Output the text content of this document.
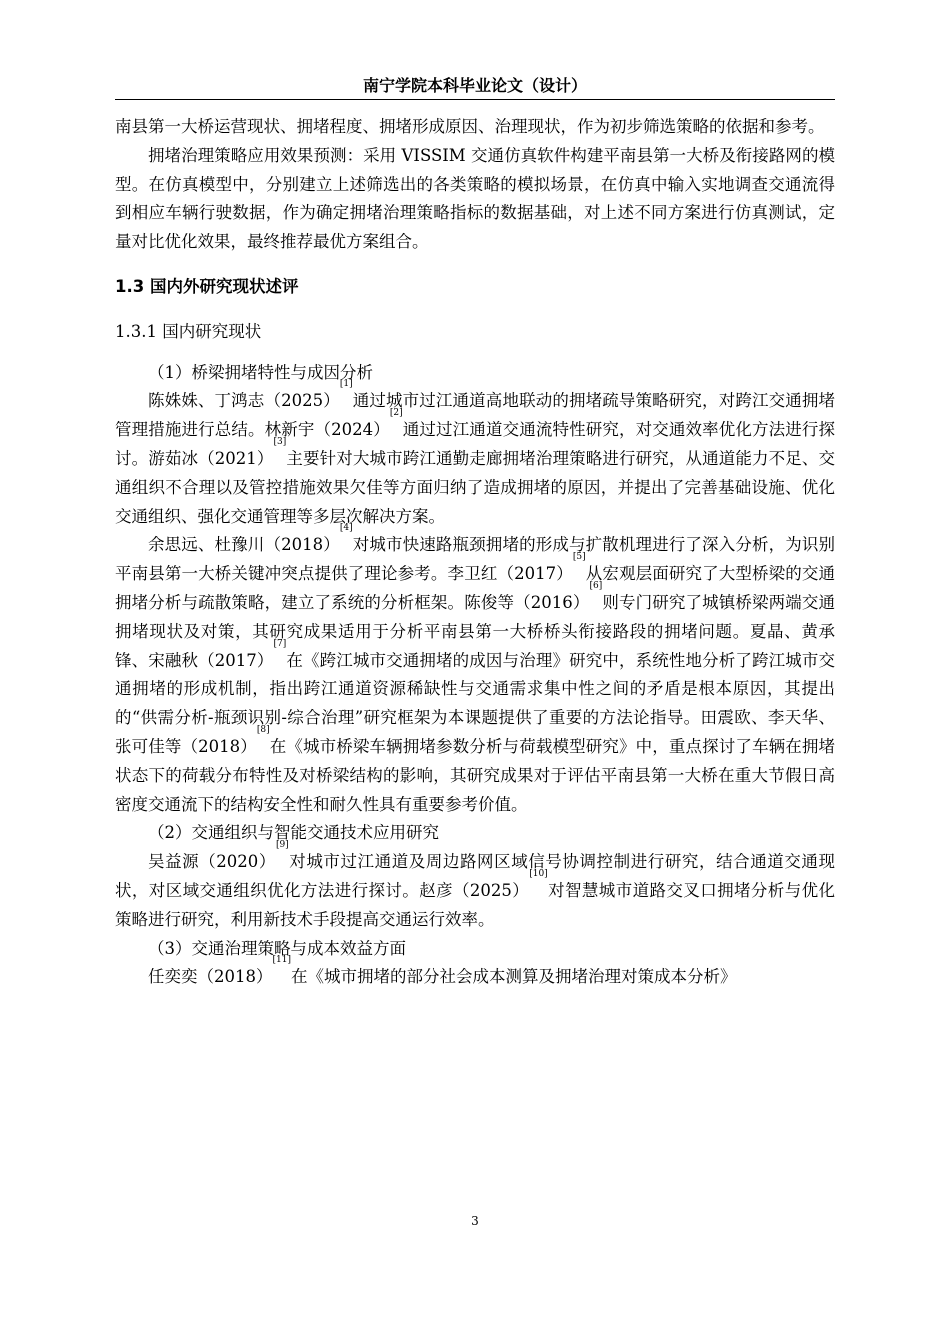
南宁学院本科毕业论文（设计）

南县第一大桥运营现状、拥堵程度、拥堵形成原因、治理现状，作为初步筛选策略的依据和参考。

拥堵治理策略应用效果预测：采用 VISSIM 交通仿真软件构建平南县第一大桥及衔接路网的模型。在仿真模型中，分别建立上述筛选出的各类策略的模拟场景，在仿真中输入实地调查交通流得到相应车辆行驶数据，作为确定拥堵治理策略指标的数据基础，对上述不同方案进行仿真测试，定量对比优化效果，最终推荐最优方案组合。

1.3 国内外研究现状述评
1.3.1 国内研究现状

（1）桥梁拥堵特性与成因分析

陈姝姝、丁鸿志（2025）[1]通过城市过江通道高地联动的拥堵疏导策略研究，对跨江交通拥堵管理措施进行总结。林新宇（2024）[2]通过过江通道交通流特性研究，对交通效率优化方法进行探讨。游茹冰（2021）[3]主要针对大城市跨江通勤走廊拥堵治理策略进行研究，从通道能力不足、交通组织不合理以及管控措施效果欠佳等方面归纳了造成拥堵的原因，并提出了完善基础设施、优化交通组织、强化交通管理等多层次解决方案。

余思远、杜豫川（2018）[4]对城市快速路瓶颈拥堵的形成与扩散机理进行了深入分析，为识别平南县第一大桥关键冲突点提供了理论参考。李卫红（2017）[5]从宏观层面研究了大型桥梁的交通拥堵分析与疏散策略，建立了系统的分析框架。陈俊等（2016）[6]则专门研究了城镇桥梁两端交通拥堵现状及对策，其研究成果适用于分析平南县第一大桥桥头衔接路段的拥堵问题。夏晶、黄承锋、宋融秋（2017）[7]在《跨江城市交通拥堵的成因与治理》研究中，系统性地分析了跨江城市交通拥堵的形成机制，指出跨江通道资源稀缺性与交通需求集中性之间的矛盾是根本原因，其提出的“供需分析-瓶颈识别-综合治理”研究框架为本课题提供了重要的方法论指导。田震欧、李天华、张可佳等（2018）[8]在《城市桥梁车辆拥堵参数分析与荷载模型研究》中，重点探讨了车辆在拥堵状态下的荷载分布特性及对桥梁结构的影响，其研究成果对于评估平南县第一大桥在重大节假日高密度交通流下的结构安全性和耐久性具有重要参考价值。

（2）交通组织与智能交通技术应用研究

吴益源（2020）[9]对城市过江通道及周边路网区域信号协调控制进行研究，结合通道交通现状，对区域交通组织优化方法进行探讨。赵彦（2025）[10]对智慧城市道路交叉口拥堵分析与优化策略进行研究，利用新技术手段提高交通运行效率。

（3）交通治理策略与成本效益方面

任奕奕（2018）[11]在《城市拥堵的部分社会成本测算及拥堵治理对策成本分析》

3
